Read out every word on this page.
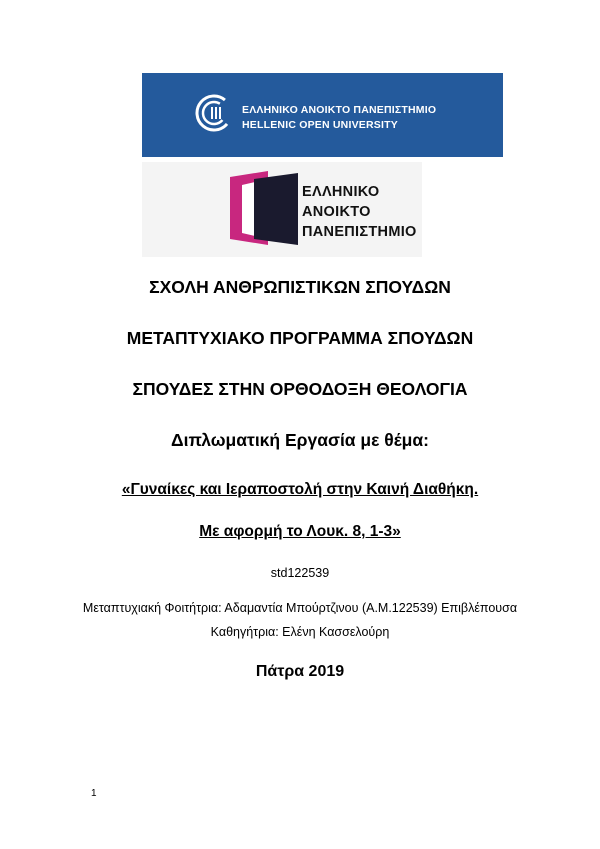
ΕΛΛΗΝΙΚΟ ΑΝΟΙΚΤΟ ΠΑΝΕΠΙΣΤΗΜΙΟ
HELLENIC OPEN UNIVERSITY
ΕΛΛΗΝΙΚΟ
ΑΝΟΙΚΤΟ
ΠΑΝΕΠΙΣΤΗΜΙΟ
ΣΧΟΛΗ ΑΝΘΡΩΠΙΣΤΙΚΩΝ ΣΠΟΥΔΩΝ
ΜΕΤΑΠΤΥΧΙΑΚΟ ΠΡΟΓΡΑΜΜΑ ΣΠΟΥΔΩΝ
ΣΠΟΥΔΕΣ ΣΤΗΝ ΟΡΘΟΔΟΞΗ ΘΕΟΛΟΓΙΑ
Διπλωματική Εργασία με θέμα:
«Γυναίκες και Ιεραποστολή στην Καινή Διαθήκη.
Με αφορμή το Λουκ. 8, 1-3»
std122539
Μεταπτυχιακή Φοιτήτρια: Αδαμαντία Μπούρτζινου (Α.Μ.122539) Επιβλέπουσα
Καθηγήτρια: Ελένη Κασσελούρη
Πάτρα 2019
1
